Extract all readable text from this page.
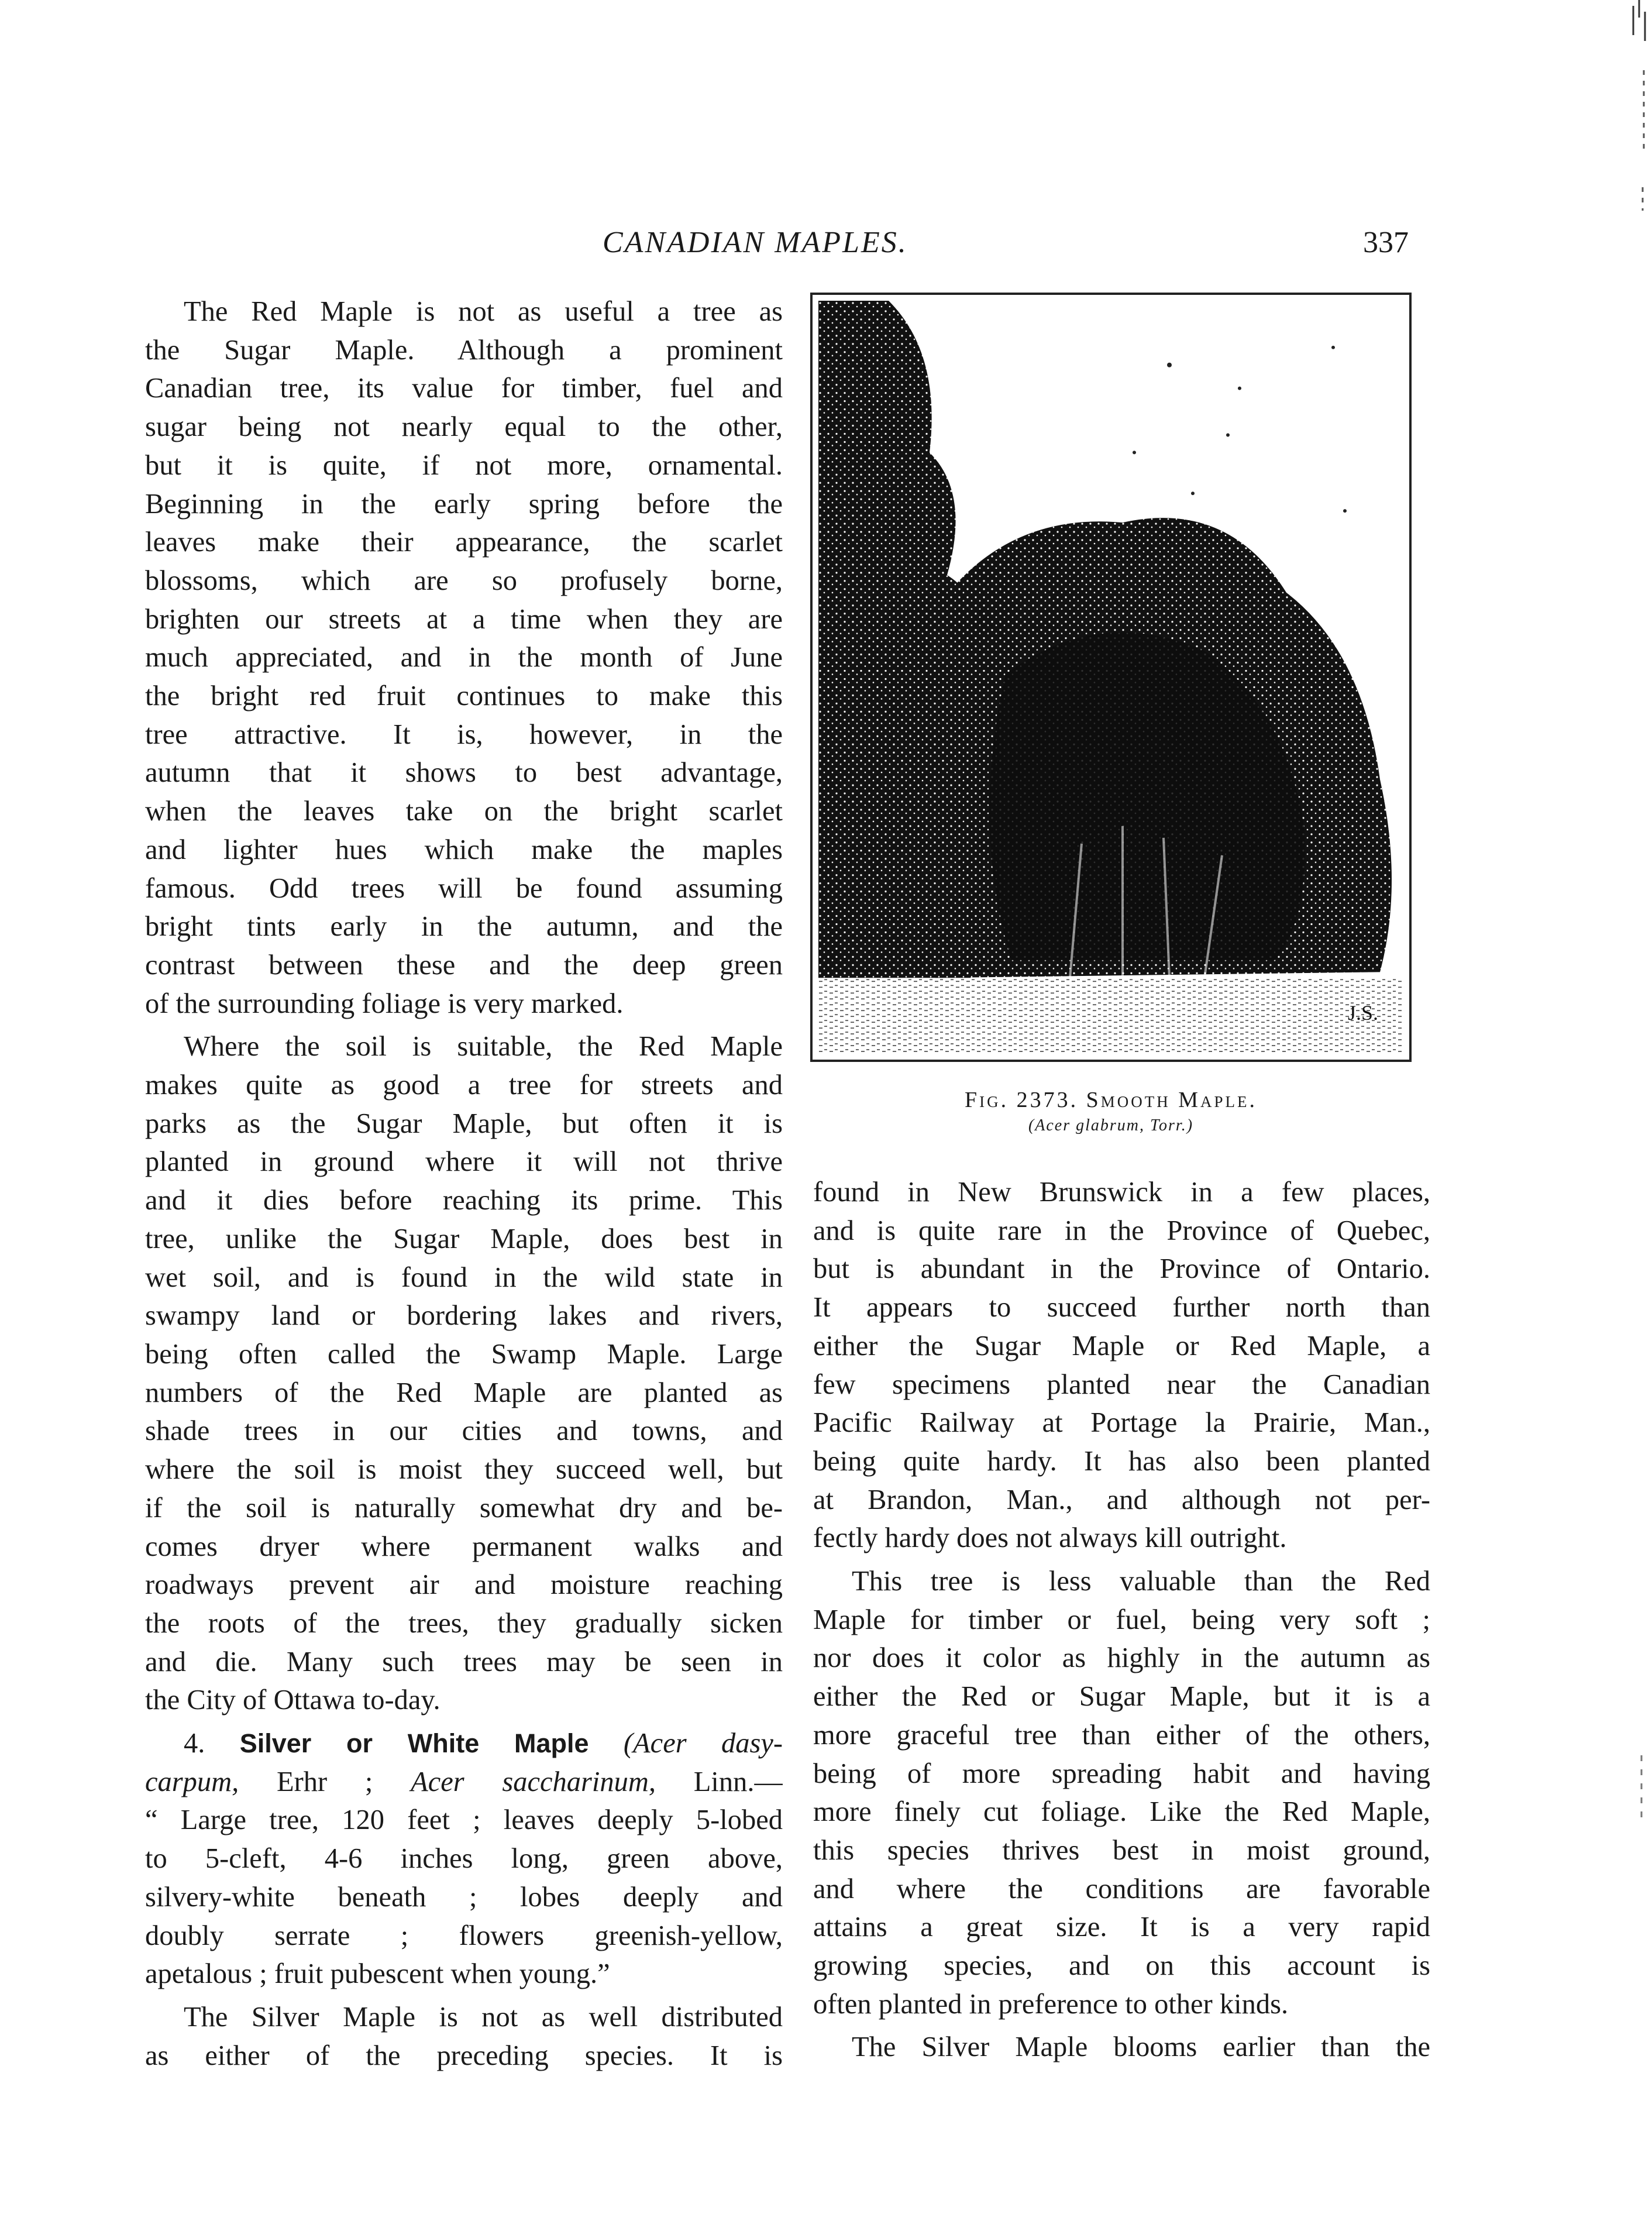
CANADIAN MAPLES.	337
The Red Maple is not as useful a tree as
the Sugar Maple. Although a prominent
Canadian tree, its value for timber, fuel and
sugar being not nearly equal to the other,
but it is quite, if not more, ornamental.
Beginning in the early spring before the
leaves make their appearance, the scarlet
blossoms, which are so profusely borne,
brighten our streets at a time when they are
much appreciated, and in the month of June
the bright red fruit continues to make this
tree attractive. It is, however, in the
autumn that it shows to best advantage,
when the leaves take on the bright scarlet
and lighter hues which make the maples
famous. Odd trees will be found assuming
bright tints early in the autumn, and the
contrast between these and the deep green
of the surrounding foliage is very marked.
Where the soil is suitable, the Red Maple
makes quite as good a tree for streets and
parks as the Sugar Maple, but often it is
planted in ground where it will not thrive
and it dies before reaching its prime. This
tree, unlike the Sugar Maple, does best in
wet soil, and is found in the wild state in
swampy land or bordering lakes and rivers,
being often called the Swamp Maple. Large
numbers of the Red Maple are planted as
shade trees in our cities and towns, and
where the soil is moist they succeed well, but
if the soil is naturally somewhat dry and be-
comes dryer where permanent walks and
roadways prevent air and moisture reaching
the roots of the trees, they gradually sicken
and die. Many such trees may be seen in
the City of Ottawa to-day.
4. Silver or White Maple (Acer dasy-
carpum, Erhr ; Acer saccharinum, Linn.—
“ Large tree, 120 feet ; leaves deeply 5-lobed
to 5-cleft, 4-6 inches long, green above,
silvery-white beneath ; lobes deeply and
doubly serrate ; flowers greenish-yellow,
apetalous ; fruit pubescent when young.”
The Silver Maple is not as well distributed
as either of the preceding species. It is
J.S.
Fig. 2373. Smooth Maple.
(Acer glabrum, Torr.)
found in New Brunswick in a few places,
and is quite rare in the Province of Quebec,
but is abundant in the Province of Ontario.
It appears to succeed further north than
either the Sugar Maple or Red Maple, a
few specimens planted near the Canadian
Pacific Railway at Portage la Prairie, Man.,
being quite hardy. It has also been planted
at Brandon, Man., and although not per-
fectly hardy does not always kill outright.
This tree is less valuable than the Red
Maple for timber or fuel, being very soft ;
nor does it color as highly in the autumn as
either the Red or Sugar Maple, but it is a
more graceful tree than either of the others,
being of more spreading habit and having
more finely cut foliage. Like the Red Maple,
this species thrives best in moist ground,
and where the conditions are favorable
attains a great size. It is a very rapid
growing species, and on this account is
often planted in preference to other kinds.
The Silver Maple blooms earlier than the
